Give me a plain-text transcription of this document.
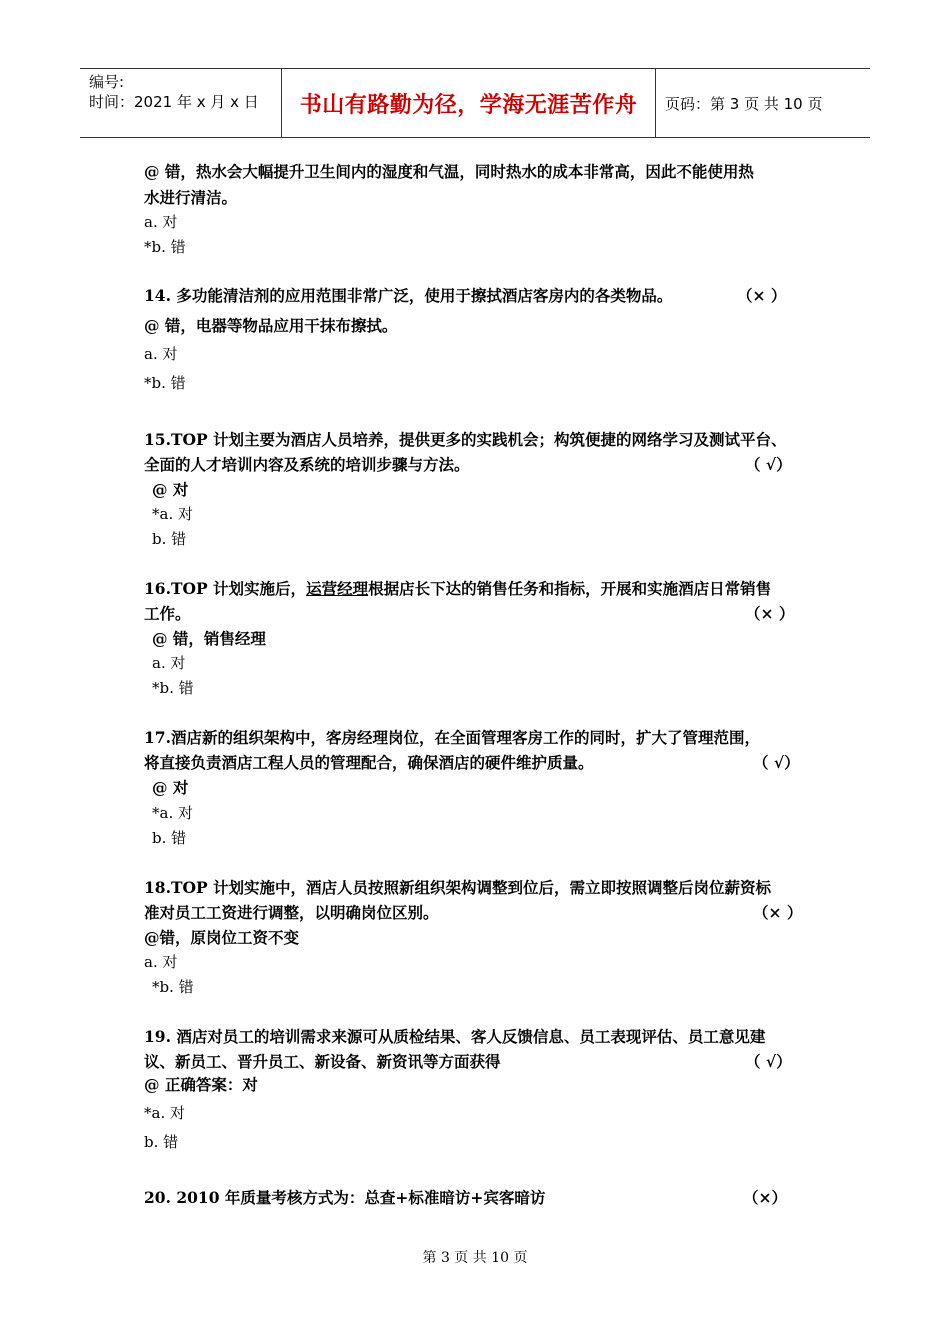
编号:
时间：2021 年 x 月 x 日 书山有路勤为径，学海无涯苦作舟 页码：第 3 页 共 10 页
@ 错，热水会大幅提升卫生间内的湿度和气温，同时热水的成本非常高，因此不能使用热
水进行清洁。
a. 对
*b. 错
14. 多功能清洁剂的应用范围非常广泛，使用于擦拭酒店客房内的各类物品。	（× ）
@ 错，电器等物品应用干抹布擦拭。
a. 对
*b. 错
15.TOP 计划主要为酒店人员培养，提供更多的实践机会；构筑便捷的网络学习及测试平台、
全面的人才培训内容及系统的培训步骤与方法。	（ √）
@ 对
*a. 对
b. 错
16.TOP 计划实施后，运营经理根据店长下达的销售任务和指标，开展和实施酒店日常销售
工作。	（× ）
@ 错，销售经理
a. 对
*b. 错
17.酒店新的组织架构中，客房经理岗位，在全面管理客房工作的同时，扩大了管理范围，
将直接负责酒店工程人员的管理配合，确保酒店的硬件维护质量。	（ √）
@ 对
*a. 对
b. 错
18.TOP 计划实施中，酒店人员按照新组织架构调整到位后，需立即按照调整后岗位薪资标
准对员工工资进行调整，以明确岗位区别。	（× ）
@错，原岗位工资不变
a. 对
*b. 错
19. 酒店对员工的培训需求来源可从质检结果、客人反馈信息、员工表现评估、员工意见建
议、新员工、晋升员工、新设备、新资讯等方面获得	（ √）
@ 正确答案：对
*a. 对
b. 错
20. 2010 年质量考核方式为：总查+标准暗访+宾客暗访	（×）
第 3 页 共 10 页
